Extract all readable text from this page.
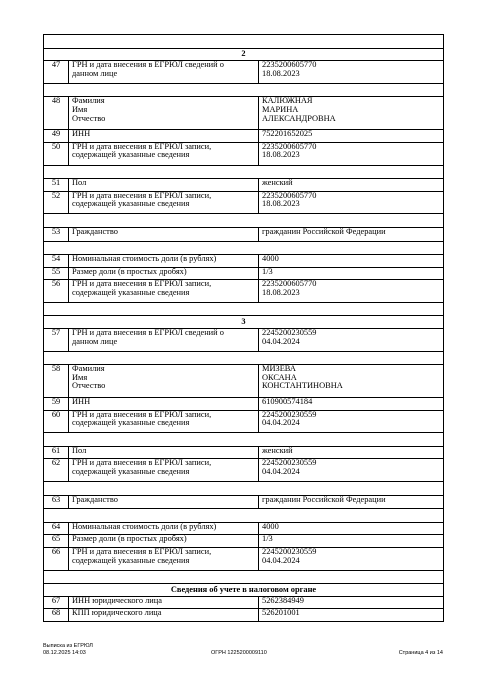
2		
47	ГРН и дата внесения в ЕГРЮЛ сведений о
данном лице	2235200605770
18.08.2023

48	Фамилия
Имя
Отчество	КАЛЮЖНАЯ
МАРИНА
АЛЕКСАНДРОВНА

49	ИНН	752201652025

50	ГРН и дата внесения в ЕГРЮЛ записи,
содержащей указанные сведения	2235200605770
18.08.2023

51	Пол	женский

52	ГРН и дата внесения в ЕГРЮЛ записи,
содержащей указанные сведения	2235200605770
18.08.2023

53	Гражданство	гражданин Российской Федерации

54	Номинальная стоимость доли (в рублях)	4000

55	Размер доли (в простых дробях)	1/3

56	ГРН и дата внесения в ЕГРЮЛ записи,
содержащей указанные сведения	2235200605770
18.08.2023

3		
57	ГРН и дата внесения в ЕГРЮЛ сведений о
данном лице	2245200230559
04.04.2024

58	Фамилия
Имя
Отчество	МИЗЕВА
ОКСАНА
КОНСТАНТИНОВНА

59	ИНН	610900574184

60	ГРН и дата внесения в ЕГРЮЛ записи,
содержащей указанные сведения	2245200230559
04.04.2024

61	Пол	женский

62	ГРН и дата внесения в ЕГРЮЛ записи,
содержащей указанные сведения	2245200230559
04.04.2024

63	Гражданство	гражданин Российской Федерации

64	Номинальная стоимость доли (в рублях)	4000

65	Размер доли (в простых дробях)	1/3

66	ГРН и дата внесения в ЕГРЮЛ записи,
содержащей указанные сведения	2245200230559
04.04.2024

Сведения об учете в налоговом органе		
67	ИНН юридического лица	5262384949

68	КПП юридического лица	526201001
Выписка из ЕГРЮЛ
08.12.2025 14:03	ОГРН 1225200009110	Страница 4 из 14
